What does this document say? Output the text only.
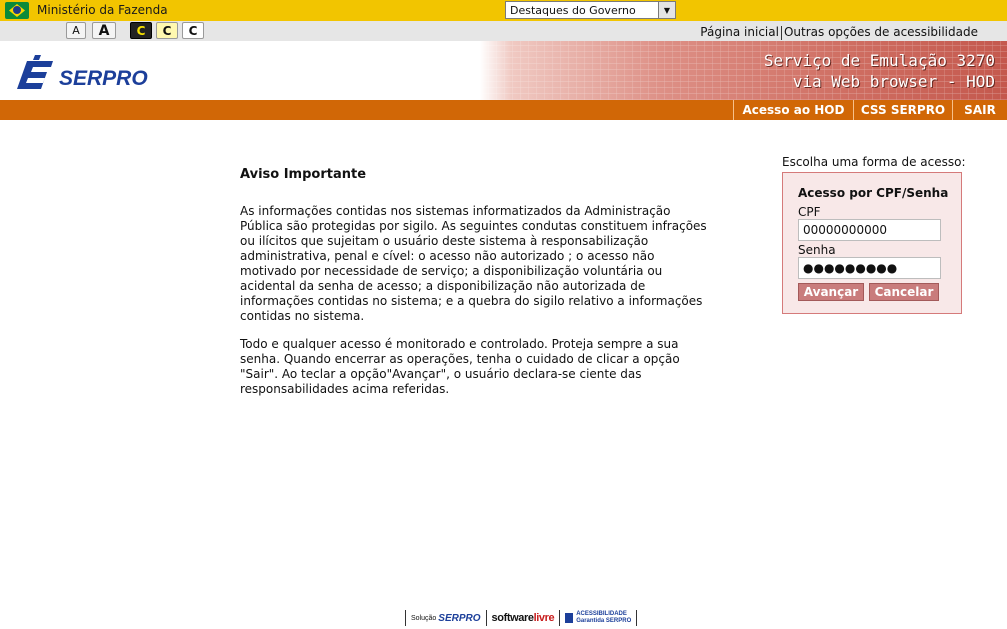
Ministério da Fazenda	Destaques do Governo	▼
A	A	C	C	C	Página inicial Outras opções de acessibilidade
SERPRO
Serviço de Emulação 3270
via Web browser - HOD
Acesso ao HOD	CSS SERPRO	SAIR
Aviso Importante

As informações contidas nos sistemas informatizados da Administração Pública são protegidas por sigilo. As seguintes condutas constituem infrações ou ilícitos que sujeitam o usuário deste sistema à responsabilização administrativa, penal e cível: o acesso não autorizado ; o acesso não motivado por necessidade de serviço; a disponibilização voluntária ou acidental da senha de acesso; a disponibilização não autorizada de informações contidas no sistema; e a quebra do sigilo relativo a informações contidas no sistema.

Todo e qualquer acesso é monitorado e controlado. Proteja sempre a sua senha. Quando encerrar as operações, tenha o cuidado de clicar a opção "Sair". Ao teclar a opção"Avançar", o usuário declara-se ciente das responsabilidades acima referidas.

Escolha uma forma de acesso:
Acesso por CPF/Senha
CPF
00000000000
Senha
●●●●●●●●●
Avançar	Cancelar
Solução SERPRO software livre	ACESSIBILIDADE
Garantida SERPRO
